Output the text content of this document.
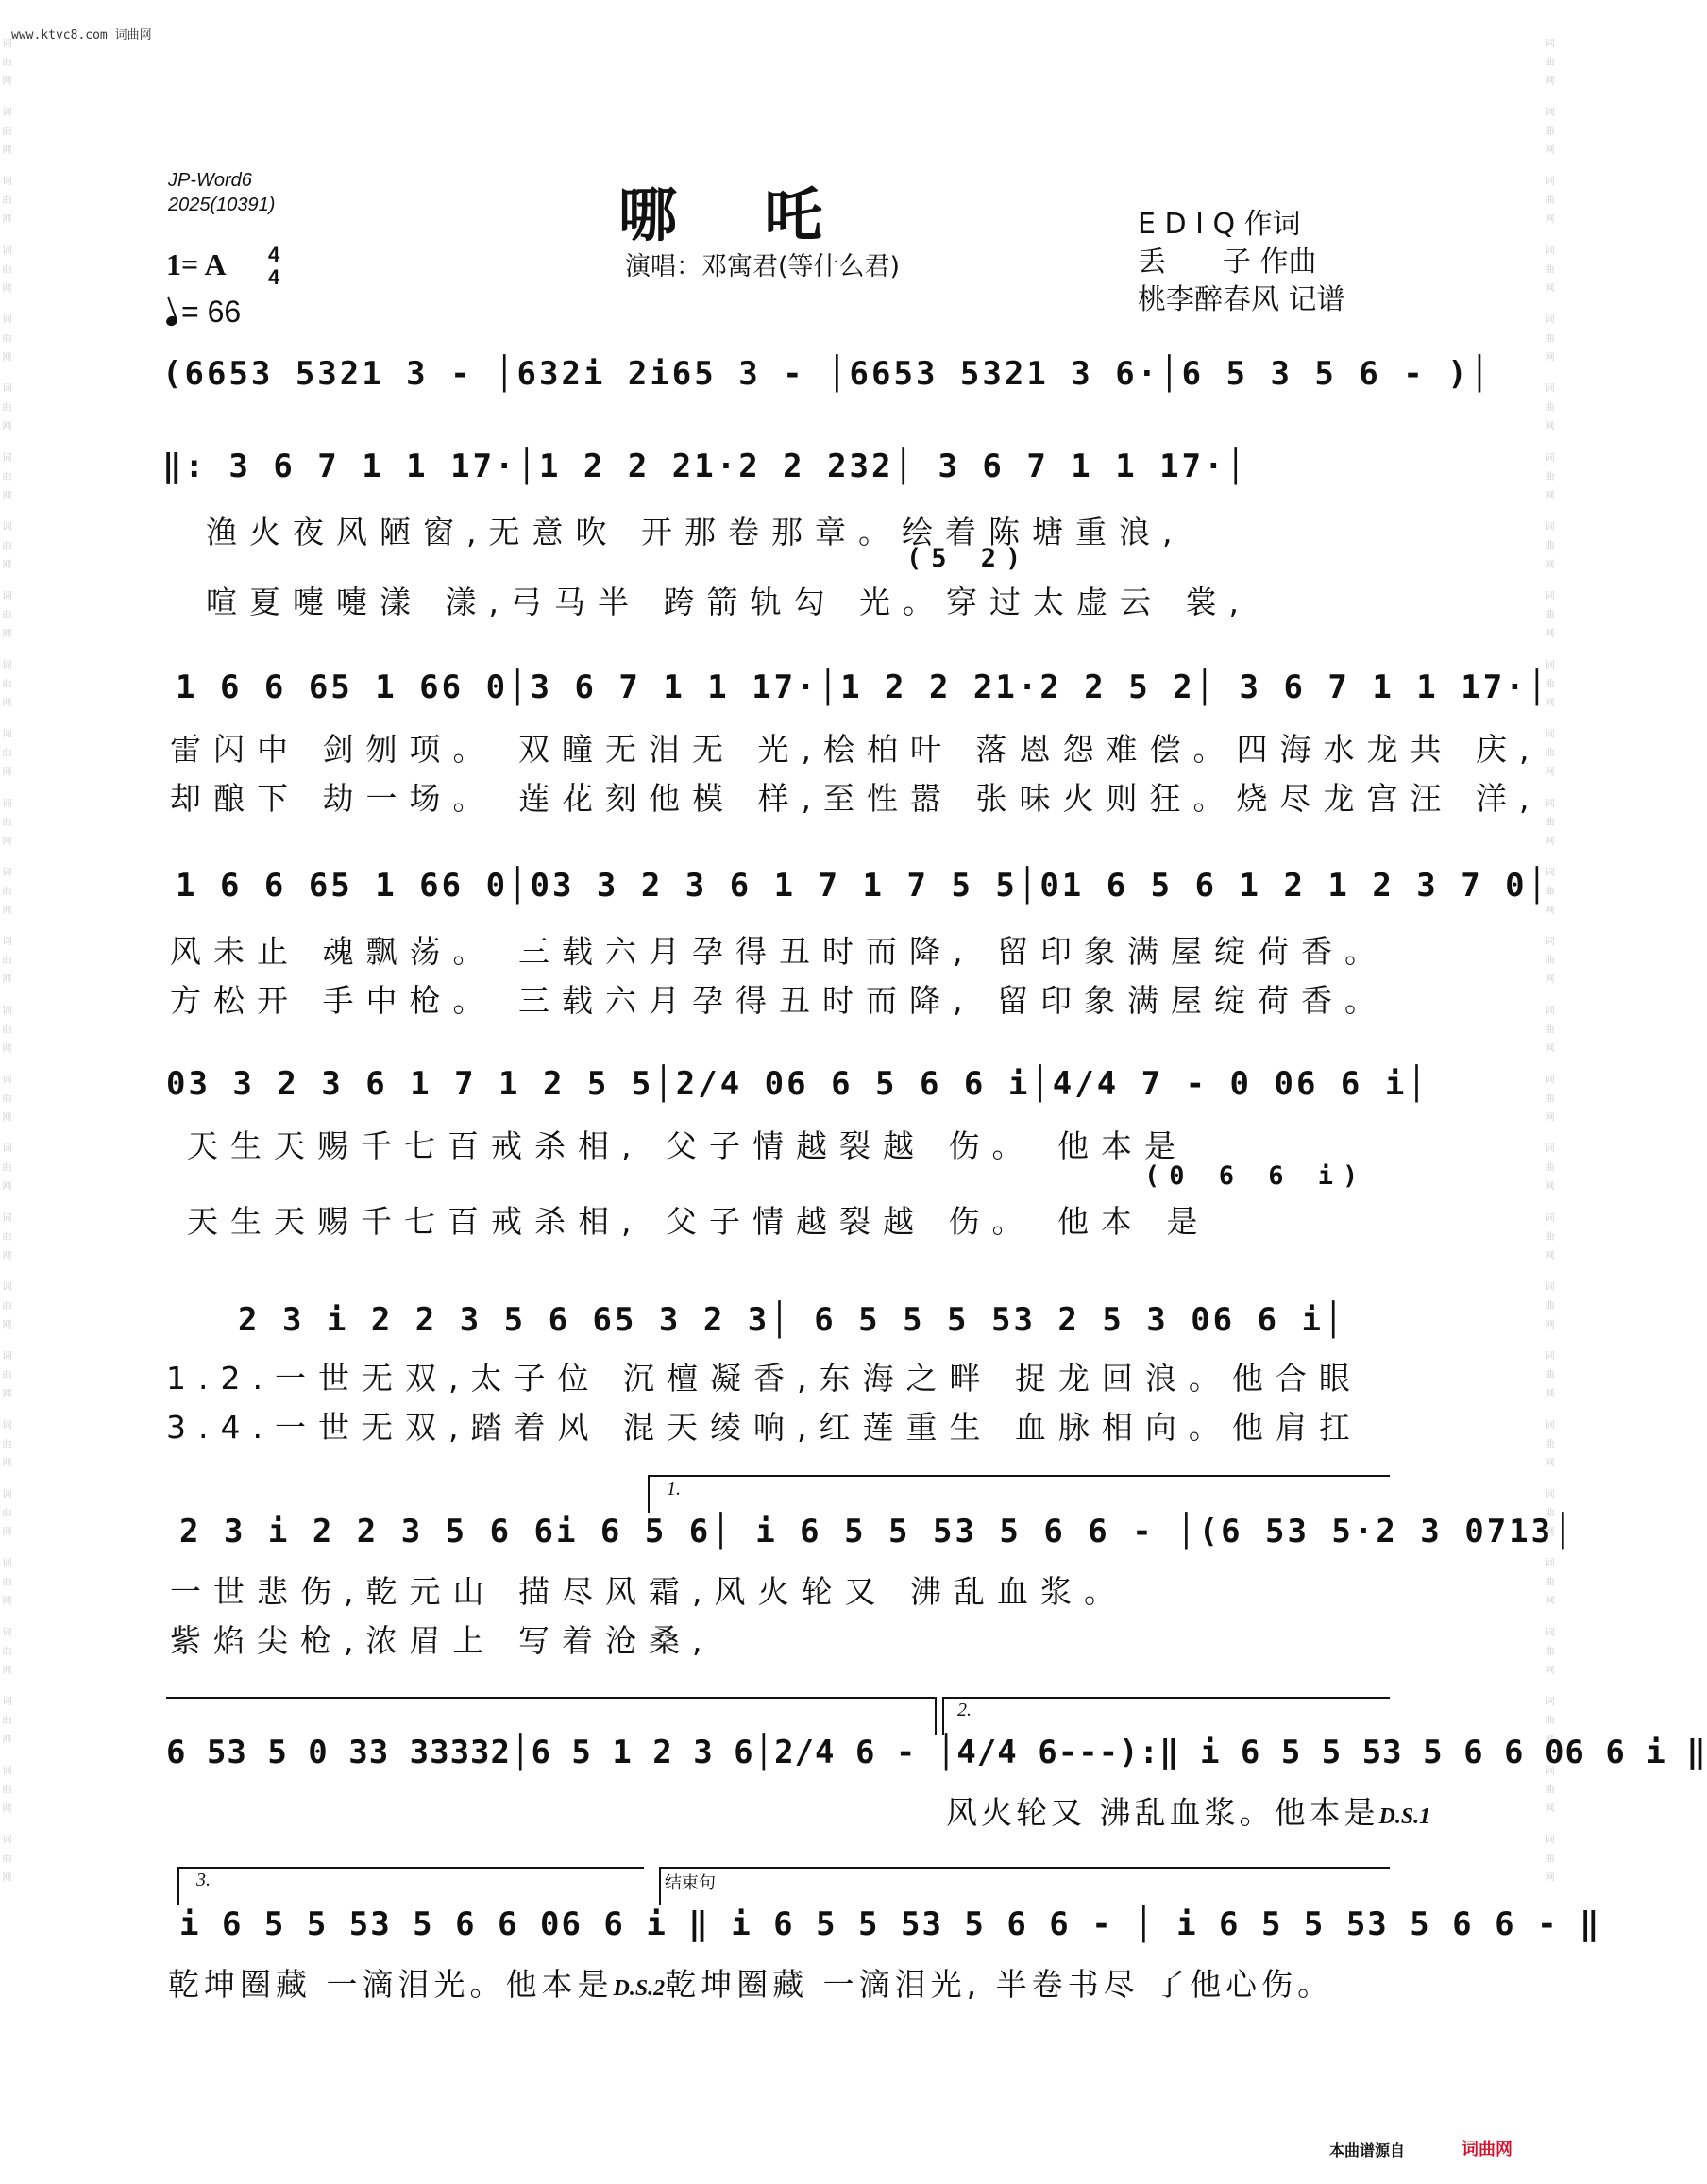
www.ktvc8.com 词曲网
词曲网 词曲网 词曲网 词曲网 词曲网 词曲网 词曲网 词曲网 词曲网 词曲网 词曲网 词曲网 词曲网 词曲网 词曲网 词曲网 词曲网 词曲网 词曲网 词曲网 词曲网 词曲网 词曲网 词曲网 词曲网 词曲网 词曲网	词曲网 词曲网 词曲网 词曲网 词曲网 词曲网 词曲网 词曲网 词曲网 词曲网 词曲网 词曲网 词曲网 词曲网 词曲网 词曲网 词曲网 词曲网 词曲网 词曲网 词曲网 词曲网 词曲网 词曲网 词曲网 词曲网 词曲网
JP-Word6
2025(10391)	哪吒
演唱：邓寓君(等什么君)
E D I Q 作词
丢　　子 作曲
桃李醉春风 记谱
1= A 4
4
= 66
(6653 5321 3 - │632i 2i65 3 - │6653 5321 3 6·│6 5 3 5 6 - )│
‖: 3 6 7 1 1 17·│1 2 2 21·2 2 232│ 3 6 7 1 1 17·│
渔火夜风陋窗,无意吹 开那卷那章。绘着陈塘重浪,
(5 2)
喧夏嚏嚏漾 漾,弓马半 跨箭轨勾 光。穿过太虚云 裳,
1 6 6 65 1 66 0│3 6 7 1 1 17·│1 2 2 21·2 2 5 2│ 3 6 7 1 1 17·│
雷闪中 剑刎项。 双瞳无泪无 光,桧柏叶 落恩怨难偿。四海水龙共 庆,
却酿下 劫一场。 莲花刻他模 样,至性嚣 张味火则狂。烧尽龙宫汪 洋,
1 6 6 65 1 66 0│03 3 2 3 6 1 7 1 7 5 5│01 6 5 6 1 2 1 2 3 7 0│
风未止 魂飘荡。 三载六月孕得丑时而降, 留印象满屋绽荷香。
方松开 手中枪。 三载六月孕得丑时而降, 留印象满屋绽荷香。
03 3 2 3 6 1 7 1 2 5 5│2/4 06 6 5 6 6 i│4/4 7 - 0 06 6 i│
天生天赐千七百戒杀相, 父子情越裂越 伤。 他本是
(0 6 6 i)
天生天赐千七百戒杀相, 父子情越裂越 伤。 他本 是
2 3 i 2 2 3 5 6 65 3 2 3│ 6 5 5 5 53 2 5 3 06 6 i│
1.2.一世无双,太子位 沉檀凝香,东海之畔 捉龙回浪。他合眼
3.4.一世无双,踏着风 混天绫响,红莲重生 血脉相向。他肩扛
1.
2 3 i 2 2 3 5 6 6i 6 5 6│ i 6 5 5 53 5 6 6 - │(6 53 5·2 3 0713│
一世悲伤,乾元山 描尽风霜,风火轮又 沸乱血浆。
紫焰尖枪,浓眉上 写着沧桑,
2.
6 53 5 0 33 33332│6 5 1 2 3 6│2/4 6 - │4/4 6---):‖ i 6 5 5 53 5 6 6 06 6 i ‖
风火轮又 沸乱血浆。他本是D.S.1
3.	结束句
i 6 5 5 53 5 6 6 06 6 i ‖ i 6 5 5 53 5 6 6 - │ i 6 5 5 53 5 6 6 - ‖
乾坤圈藏 一滴泪光。他本是D.S.2乾坤圈藏 一滴泪光, 半卷书尽 了他心伤。
本曲谱源自	词曲网
